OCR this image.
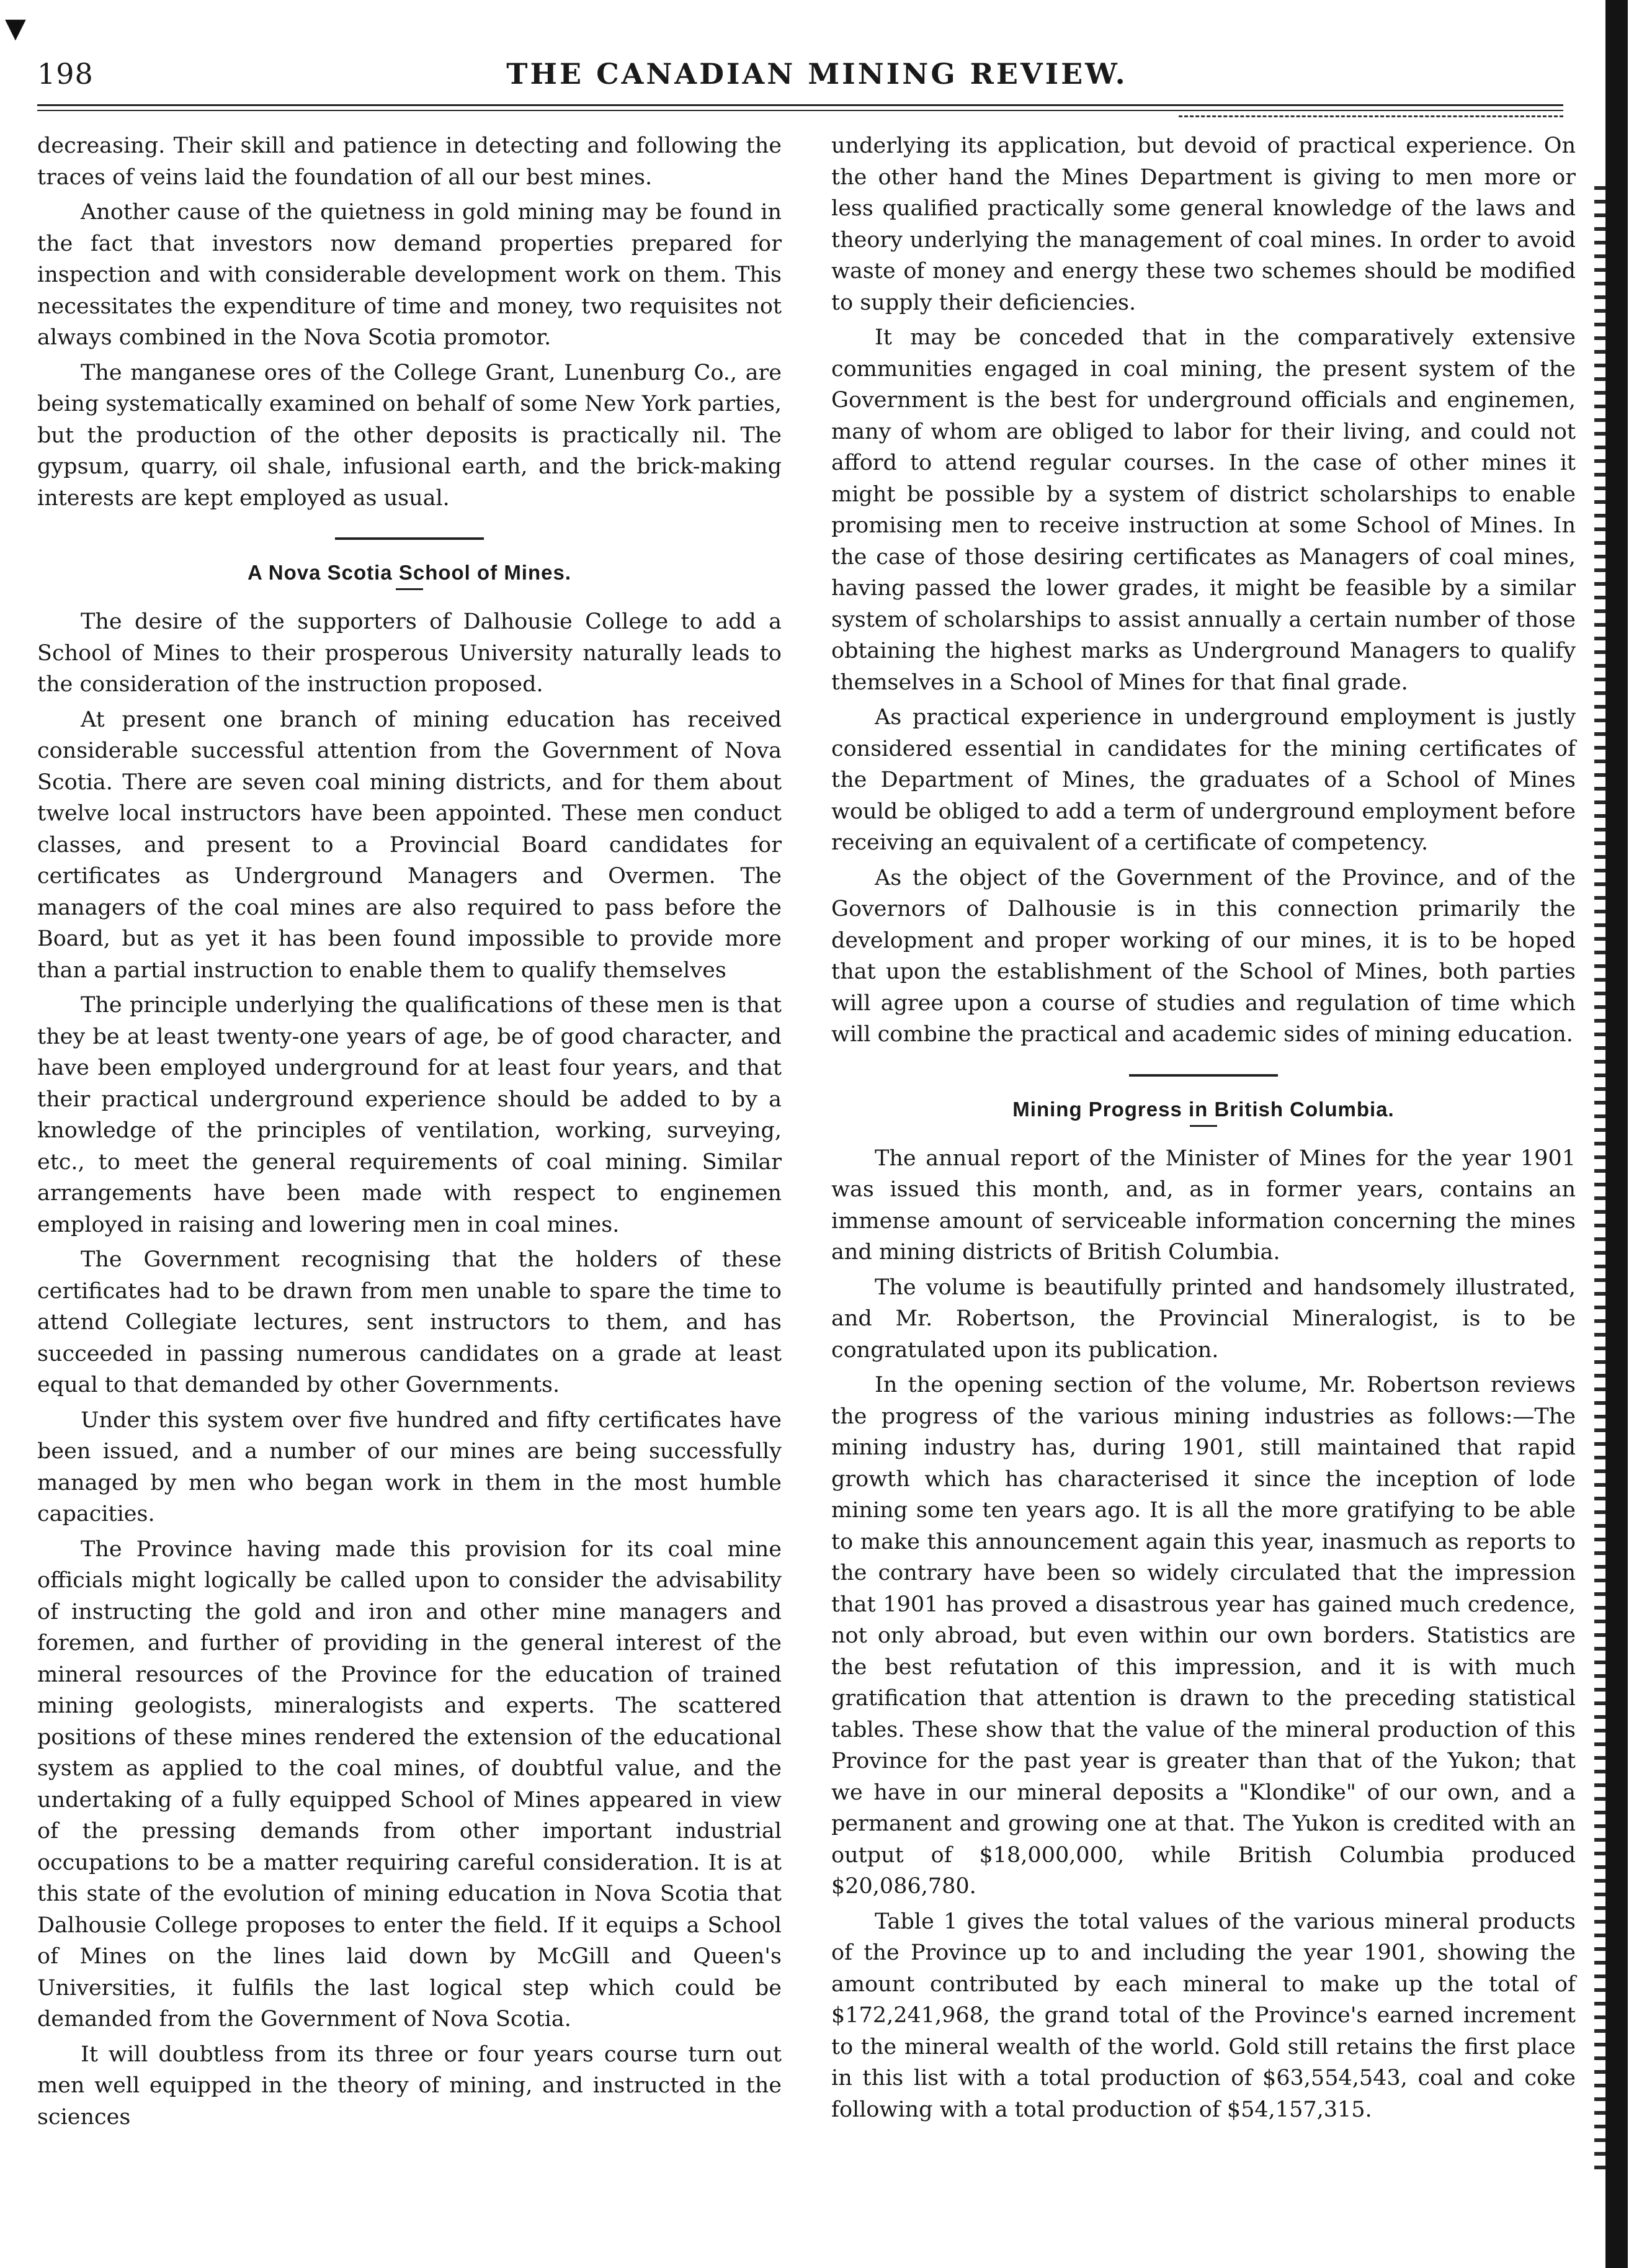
▼
198	THE CANADIAN MINING REVIEW.

decreasing. Their skill and patience in detecting and following the traces of veins laid the foundation of all our best mines.

Another cause of the quietness in gold mining may be found in the fact that investors now demand properties prepared for inspection and with considerable development work on them. This necessitates the expenditure of time and money, two requisites not always combined in the Nova Scotia promotor.

The manganese ores of the College Grant, Lunenburg Co., are being systematically examined on behalf of some New York parties, but the production of the other deposits is practically nil. The gypsum, quarry, oil shale, infusional earth, and the brick-making interests are kept employed as usual.

A Nova Scotia School of Mines.

The desire of the supporters of Dalhousie College to add a School of Mines to their prosperous University naturally leads to the consideration of the instruction proposed.

At present one branch of mining education has received considerable successful attention from the Government of Nova Scotia. There are seven coal mining districts, and for them about twelve local instructors have been appointed. These men conduct classes, and present to a Provincial Board candidates for certificates as Underground Managers and Overmen. The managers of the coal mines are also required to pass before the Board, but as yet it has been found impossible to provide more than a partial instruction to enable them to qualify themselves

The principle underlying the qualifications of these men is that they be at least twenty-one years of age, be of good character, and have been employed underground for at least four years, and that their practical underground experience should be added to by a knowledge of the principles of ventilation, working, surveying, etc., to meet the general requirements of coal mining. Similar arrangements have been made with respect to enginemen employed in raising and lowering men in coal mines.

The Government recognising that the holders of these certificates had to be drawn from men unable to spare the time to attend Collegiate lectures, sent instructors to them, and has succeeded in passing numerous candidates on a grade at least equal to that demanded by other Governments.

Under this system over five hundred and fifty certificates have been issued, and a number of our mines are being successfully managed by men who began work in them in the most humble capacities.

The Province having made this provision for its coal mine officials might logically be called upon to consider the advisability of instructing the gold and iron and other mine managers and foremen, and further of providing in the general interest of the mineral resources of the Province for the education of trained mining geologists, mineralogists and experts. The scattered positions of these mines rendered the extension of the educational system as applied to the coal mines, of doubtful value, and the undertaking of a fully equipped School of Mines appeared in view of the pressing demands from other important industrial occupations to be a matter requiring careful consideration. It is at this state of the evolution of mining education in Nova Scotia that Dalhousie College proposes to enter the field. If it equips a School of Mines on the lines laid down by McGill and Queen's Universities, it fulfils the last logical step which could be demanded from the Government of Nova Scotia.

It will doubtless from its three or four years course turn out men well equipped in the theory of mining, and instructed in the sciences

underlying its application, but devoid of practical experience. On the other hand the Mines Department is giving to men more or less qualified practically some general knowledge of the laws and theory underlying the management of coal mines. In order to avoid waste of money and energy these two schemes should be modified to supply their deficiencies.

It may be conceded that in the comparatively extensive communities engaged in coal mining, the present system of the Government is the best for underground officials and enginemen, many of whom are obliged to labor for their living, and could not afford to attend regular courses. In the case of other mines it might be possible by a system of district scholarships to enable promising men to receive instruction at some School of Mines. In the case of those desiring certificates as Managers of coal mines, having passed the lower grades, it might be feasible by a similar system of scholarships to assist annually a certain number of those obtaining the highest marks as Underground Managers to qualify themselves in a School of Mines for that final grade.

As practical experience in underground employment is justly considered essential in candidates for the mining certificates of the Department of Mines, the graduates of a School of Mines would be obliged to add a term of underground employment before receiving an equivalent of a certificate of competency.

As the object of the Government of the Province, and of the Governors of Dalhousie is in this connection primarily the development and proper working of our mines, it is to be hoped that upon the establishment of the School of Mines, both parties will agree upon a course of studies and regulation of time which will combine the practical and academic sides of mining education.

Mining Progress in British Columbia.

The annual report of the Minister of Mines for the year 1901 was issued this month, and, as in former years, contains an immense amount of serviceable information concerning the mines and mining districts of British Columbia.

The volume is beautifully printed and handsomely illustrated, and Mr. Robertson, the Provincial Mineralogist, is to be congratulated upon its publication.

In the opening section of the volume, Mr. Robertson reviews the progress of the various mining industries as follows:—The mining industry has, during 1901, still maintained that rapid growth which has characterised it since the inception of lode mining some ten years ago. It is all the more gratifying to be able to make this announcement again this year, inasmuch as reports to the contrary have been so widely circulated that the impression that 1901 has proved a disastrous year has gained much credence, not only abroad, but even within our own borders. Statistics are the best refutation of this impression, and it is with much gratification that attention is drawn to the preceding statistical tables. These show that the value of the mineral production of this Province for the past year is greater than that of the Yukon; that we have in our mineral deposits a "Klondike" of our own, and a permanent and growing one at that. The Yukon is credited with an output of $18,000,000, while British Columbia produced $20,086,780.

Table 1 gives the total values of the various mineral products of the Province up to and including the year 1901, showing the amount contributed by each mineral to make up the total of $172,241,968, the grand total of the Province's earned increment to the mineral wealth of the world. Gold still retains the first place in this list with a total production of $63,554,543, coal and coke following with a total production of $54,157,315.
